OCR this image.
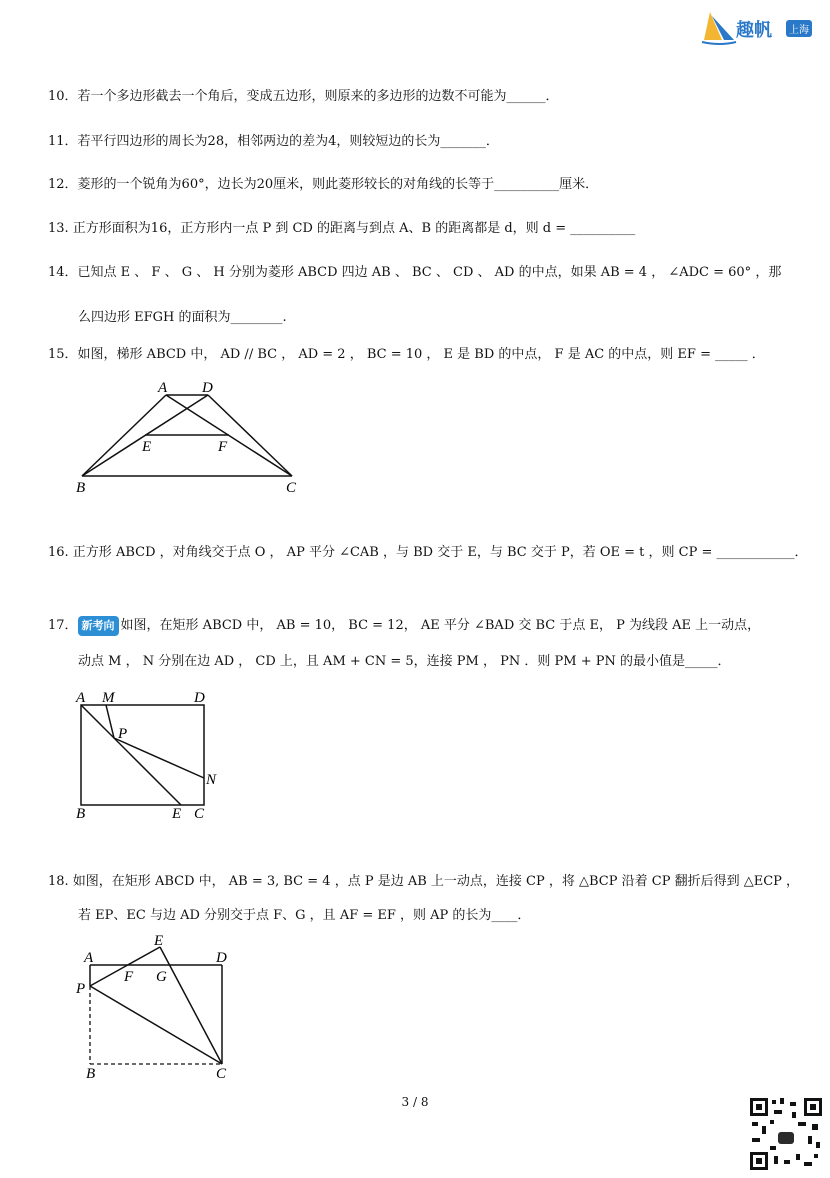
趣帆	上海
10．若一个多边形截去一个角后，变成五边形，则原来的多边形的边数不可能为______．
11．若平行四边形的周长为28，相邻两边的差为4，则较短边的长为_______．
12．菱形的一个锐角为60°，边长为20厘米，则此菱形较长的对角线的长等于__________厘米．
13. 正方形面积为16，正方形内一点 P 到 CD 的距离与到点 A、B 的距离都是 d，则 d = __________
14．已知点 E 、 F 、 G 、 H 分别为菱形 ABCD 四边 AB 、 BC 、 CD 、 AD 的中点，如果 AB = 4 ， ∠ADC = 60° ，那
么四边形 EFGH 的面积为________.
15．如图，梯形 ABCD 中， AD // BC ， AD = 2 ， BC = 10 ， E 是 BD 的中点， F 是 AC 的中点，则 EF = _____ ．
A D
E	F
B	C
16. 正方形 ABCD ，对角线交于点 O ， AP 平分 ∠CAB ，与 BD 交于 E，与 BC 交于 P，若 OE = t ，则 CP = ____________．
17． 新考向 如图，在矩形 ABCD 中， AB = 10， BC = 12， AE 平分 ∠BAD 交 BC 于点 E， P 为线段 AE 上一动点，
动点 M ， N 分别在边 AD ， CD 上，且 AM + CN = 5，连接 PM ， PN ．则 PM + PN 的最小值是_____．
A M	D
P
N
B	E C
18. 如图，在矩形 ABCD 中， AB = 3, BC = 4 ，点 P 是边 AB 上一动点，连接 CP ，将 △BCP 沿着 CP 翻折后得到 △ECP ，
若 EP、EC 与边 AD 分别交于点 F、G ，且 AF = EF ，则 AP 的长为____．
E
A	D
F G
P
B	C
3 / 8
